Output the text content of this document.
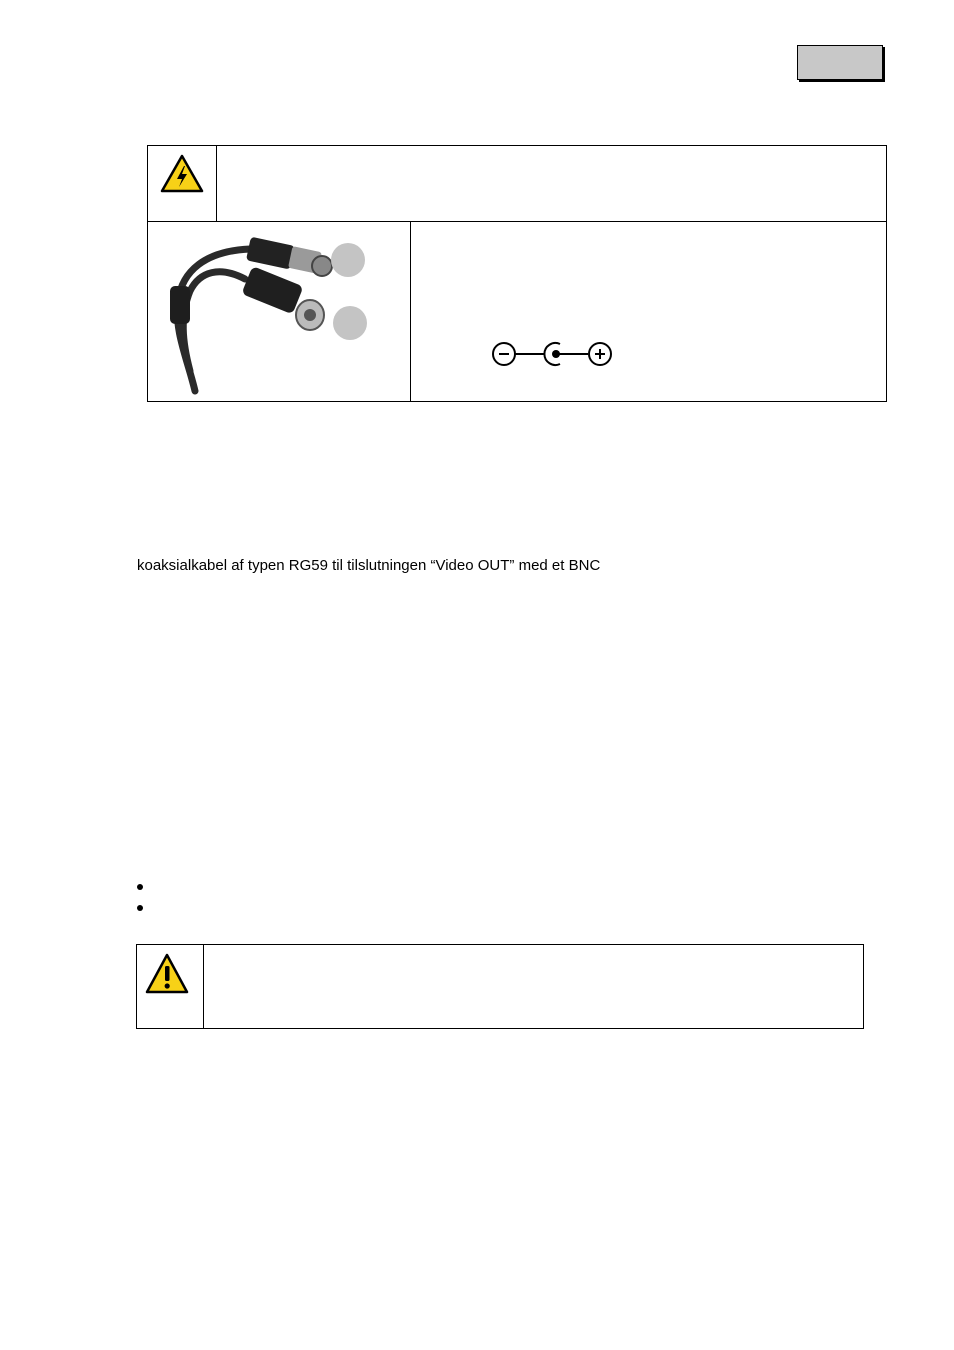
koaksialkabel af typen RG59 til tilslutningen “Video OUT” med et BNC
